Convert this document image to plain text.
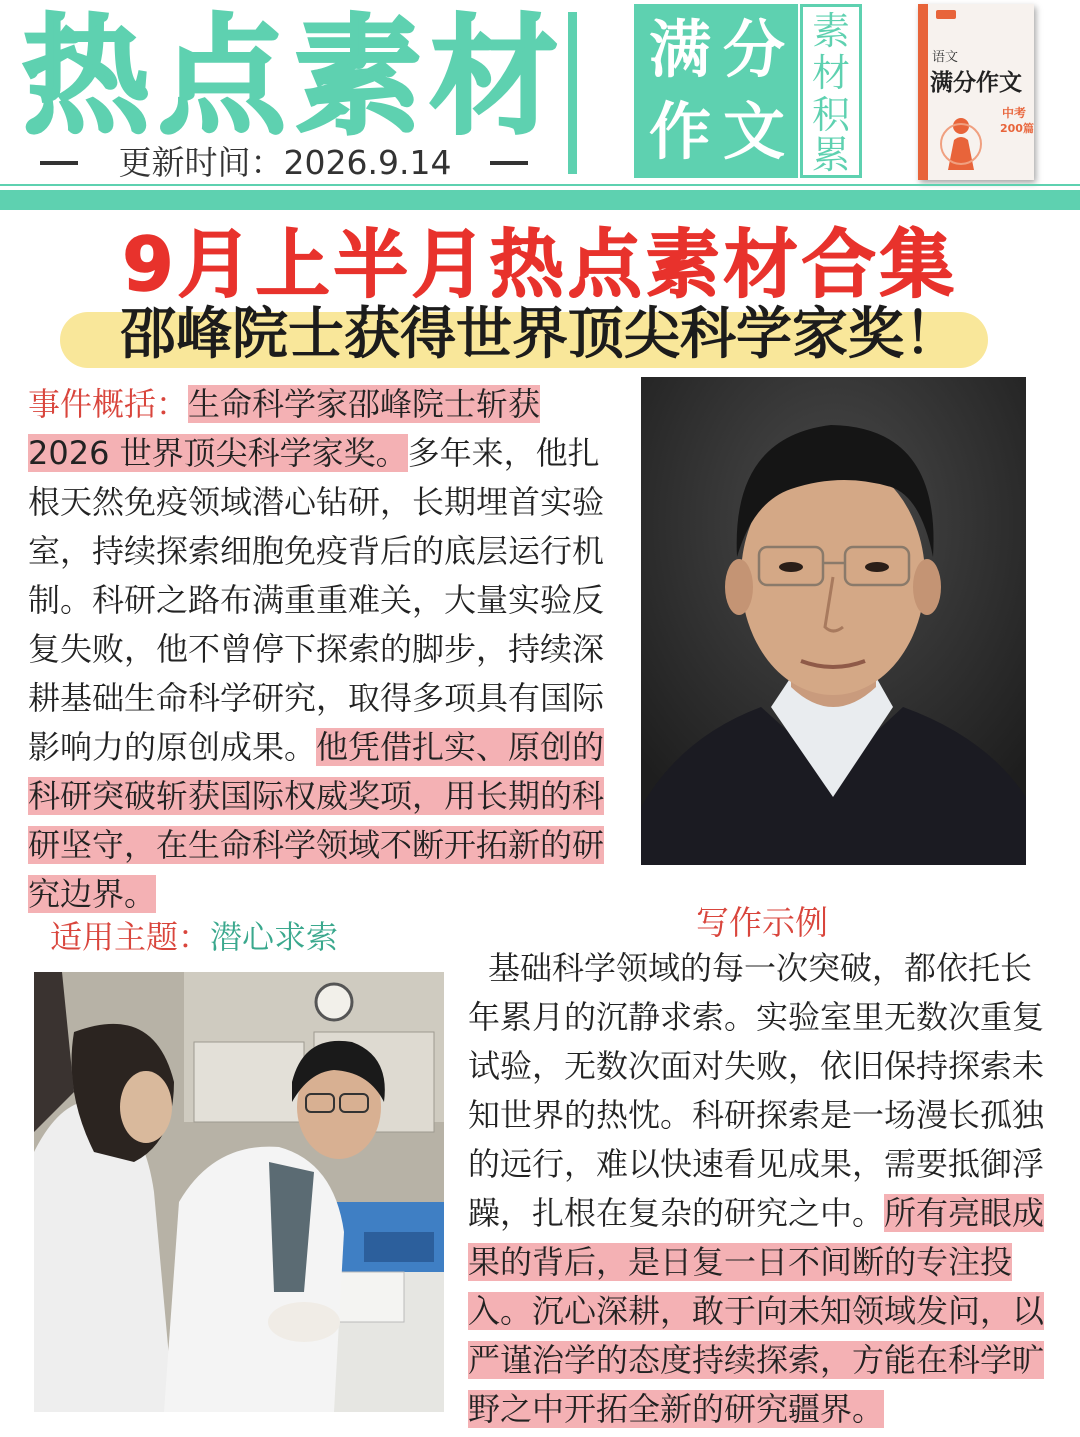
热点素材
更新时间：2026.9.14
满 分
作 文
素
材
积
累
语文
满分作文
中考
200篇
9月上半月热点素材合集
邵峰院士获得世界顶尖科学家奖！
事件概括：生命科学家邵峰院士斩获2026 世界顶尖科学家奖。多年来，他扎根天然免疫领域潜心钻研，长期埋首实验室，持续探索细胞免疫背后的底层运行机制。科研之路布满重重难关，大量实验反复失败，他不曾停下探索的脚步，持续深耕基础生命科学研究，取得多项具有国际影响力的原创成果。他凭借扎实、原创的科研突破斩获国际权威奖项，用长期的科研坚守，在生命科学领域不断开拓新的研究边界。
适用主题：潜心求索	写作示例
基础科学领域的每一次突破，都依托长年累月的沉静求索。实验室里无数次重复试验，无数次面对失败，依旧保持探索未知世界的热忱。科研探索是一场漫长孤独的远行，难以快速看见成果，需要抵御浮躁，扎根在复杂的研究之中。所有亮眼成果的背后，是日复一日不间断的专注投入。沉心深耕，敢于向未知领域发问，以严谨治学的态度持续探索，方能在科学旷野之中开拓全新的研究疆界。
